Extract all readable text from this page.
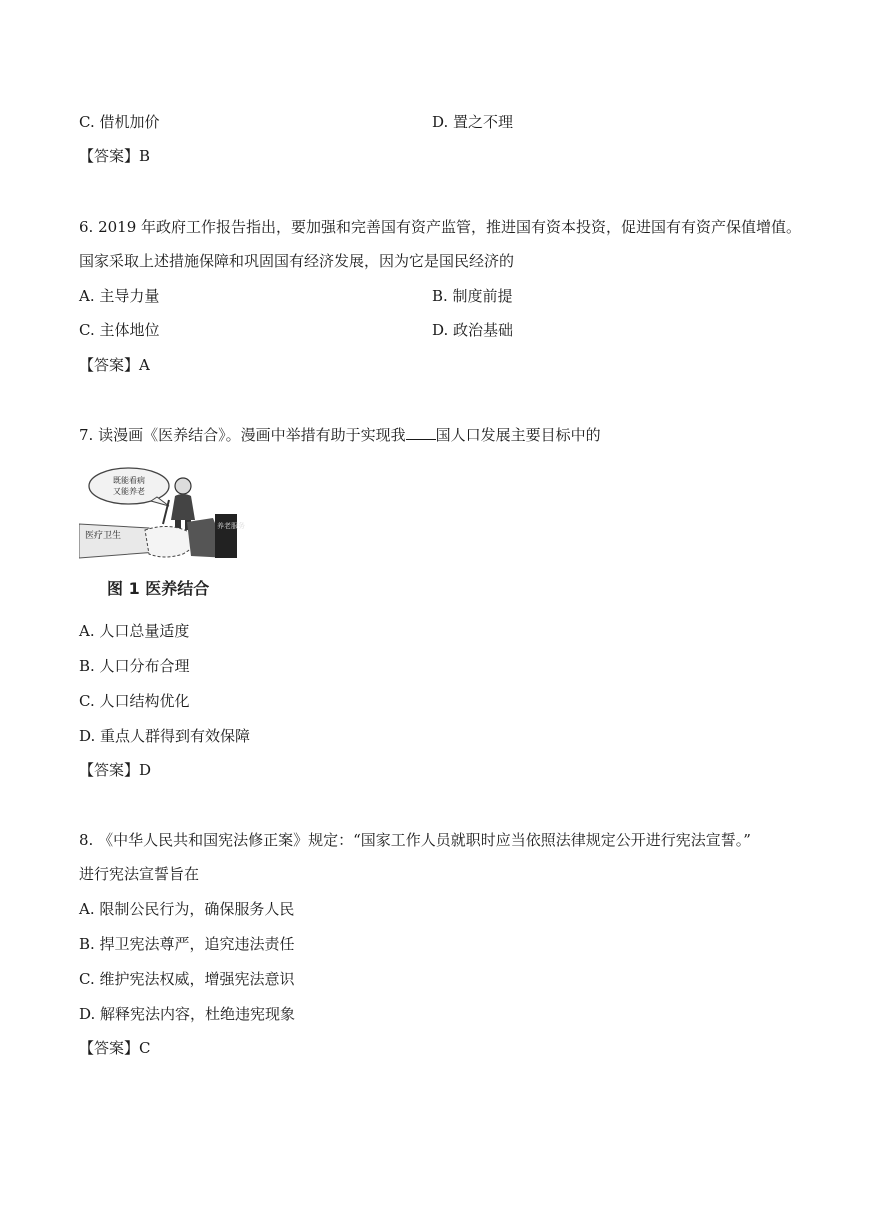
C. 借机加价	D. 置之不理
【答案】B
6. 2019 年政府工作报告指出，要加强和完善国有资产监管，推进国有资本投资，促进国有有资产保值增值。
国家采取上述措施保障和巩固国有经济发展，因为它是国民经济的
A. 主导力量	B. 制度前提
C. 主体地位	D. 政治基础
【答案】A
7. 读漫画《医养结合》。漫画中举措有助于实现我 国人口发展主要目标中的
既能看病
又能养老
医疗卫生
养老服务
图 1 医养结合
A. 人口总量适度
B. 人口分布合理
C. 人口结构优化
D. 重点人群得到有效保障
【答案】D
8. 《中华人民共和国宪法修正案》规定：“国家工作人员就职时应当依照法律规定公开进行宪法宣誓。”
进行宪法宣誓旨在
A. 限制公民行为，确保服务人民
B. 捍卫宪法尊严，追究违法责任
C. 维护宪法权威，增强宪法意识
D. 解释宪法内容，杜绝违宪现象
【答案】C
